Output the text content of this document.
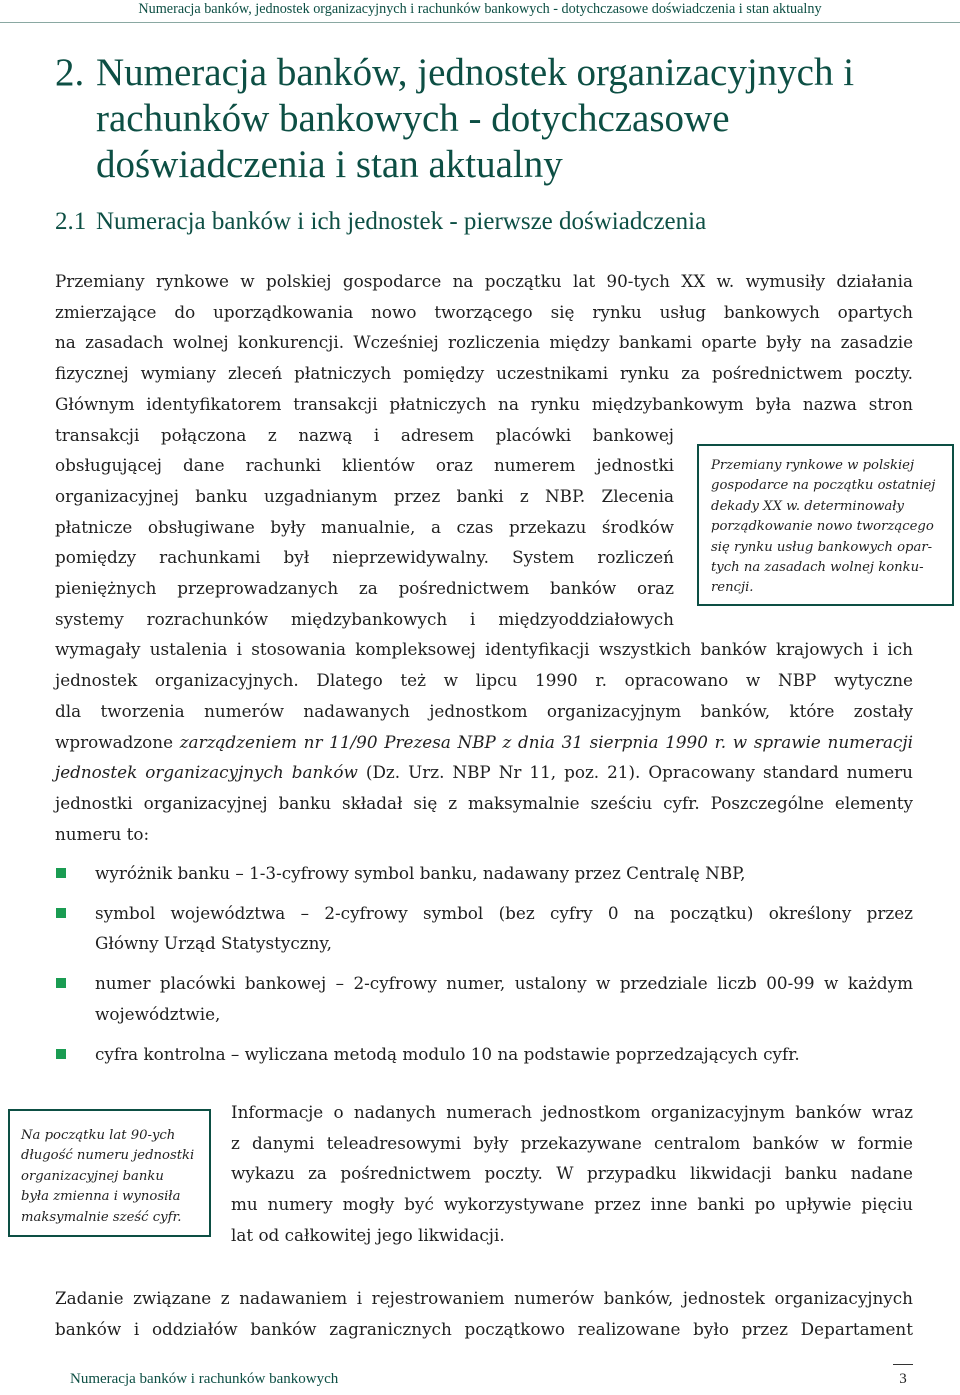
Numeracja banków, jednostek organizacyjnych i rachunków bankowych - dotychczasowe doświadczenia i stan aktualny
2. Numeracja banków, jednostek organizacyjnych i
rachunków bankowych - dotychczasowe
doświadczenia i stan aktualny
2.1 Numeracja banków i ich jednostek - pierwsze doświadczenia
Przemiany rynkowe w polskiej gospodarce na początku lat 90-tych XX w. wymusiły działania
zmierzające do uporządkowania nowo tworzącego się rynku usług bankowych opartych
na zasadach wolnej konkurencji. Wcześniej rozliczenia między bankami oparte były na zasadzie
fizycznej wymiany zleceń płatniczych pomiędzy uczestnikami rynku za pośrednictwem poczty.
Głównym identyfikatorem transakcji płatniczych na rynku międzybankowym była nazwa stron
transakcji połączona z nazwą i adresem placówki bankowej
obsługującej dane rachunki klientów oraz numerem jednostki
organizacyjnej banku uzgadnianym przez banki z NBP. Zlecenia
płatnicze obsługiwane były manualnie, a czas przekazu środków
pomiędzy rachunkami był nieprzewidywalny. System rozliczeń
pieniężnych przeprowadzanych za pośrednictwem banków oraz
systemy rozrachunków międzybankowych i międzyoddziałowych
wymagały ustalenia i stosowania kompleksowej identyfikacji wszystkich banków krajowych i ich
jednostek organizacyjnych. Dlatego też w lipcu 1990 r. opracowano w NBP wytyczne
dla tworzenia numerów nadawanych jednostkom organizacyjnym banków, które zostały
wprowadzone zarządzeniem nr 11/90 Prezesa NBP z dnia 31 sierpnia 1990 r. w sprawie numeracji
jednostek organizacyjnych banków (Dz. Urz. NBP Nr 11, poz. 21). Opracowany standard numeru
jednostki organizacyjnej banku składał się z maksymalnie sześciu cyfr. Poszczególne elementy
numeru to:
Przemiany rynkowe w polskiej
gospodarce na początku ostatniej
dekady XX w. determinowały
porządkowanie nowo tworzącego
się rynku usług bankowych opar-
tych na zasadach wolnej konku-
rencji.
wyróżnik banku – 1-3-cyfrowy symbol banku, nadawany przez Centralę NBP,
symbol województwa – 2-cyfrowy symbol (bez cyfry 0 na początku) określony przez
Główny Urząd Statystyczny,
numer placówki bankowej – 2-cyfrowy numer, ustalony w przedziale liczb 00-99 w każdym
województwie,
cyfra kontrolna – wyliczana metodą modulo 10 na podstawie poprzedzających cyfr.
Na początku lat 90-ych
długość numeru jednostki
organizacyjnej banku
była zmienna i wynosiła
maksymalnie sześć cyfr.
Informacje o nadanych numerach jednostkom organizacyjnym banków wraz
z danymi teleadresowymi były przekazywane centralom banków w formie
wykazu za pośrednictwem poczty. W przypadku likwidacji banku nadane
mu numery mogły być wykorzystywane przez inne banki po upływie pięciu
lat od całkowitej jego likwidacji.
Zadanie związane z nadawaniem i rejestrowaniem numerów banków, jednostek organizacyjnych
banków i oddziałów banków zagranicznych początkowo realizowane było przez Departament
Numeracja banków i rachunków bankowych	3
